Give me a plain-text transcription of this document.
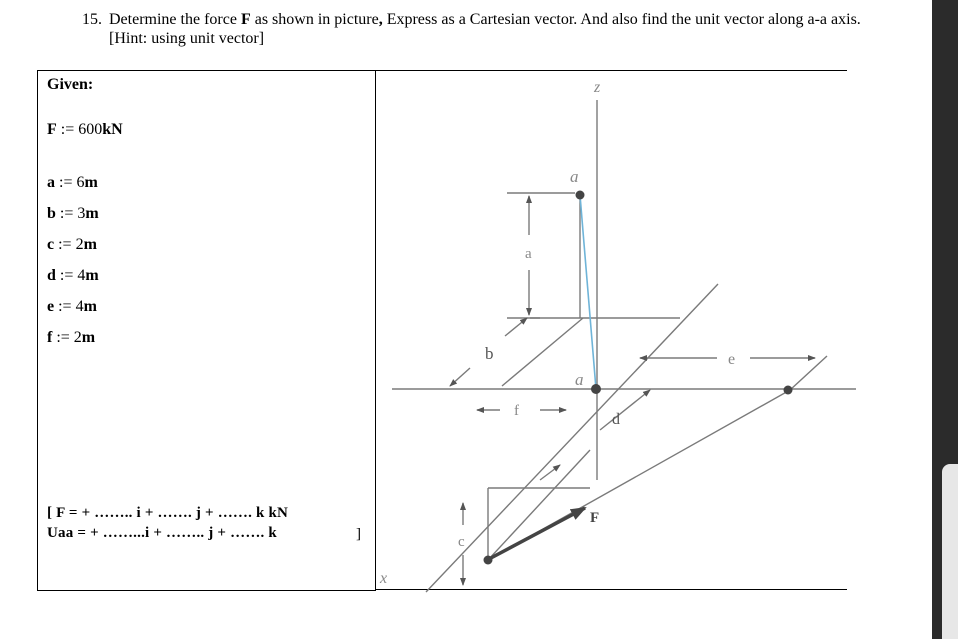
15. Determine the force F as shown in picture, Express as a Cartesian vector. And also find the unit vector along a-a axis. [Hint: using unit vector]
Given:
F := 600kN
a := 6m
b := 3m
c := 2m
d := 4m
e := 4m
f := 2m
[ F = + …….. i + ……. j + ……. k kN
Uaa = + ……...i + …….. j + ……. k	]
z
x
a
a
a
b
c
d
e
f
F
